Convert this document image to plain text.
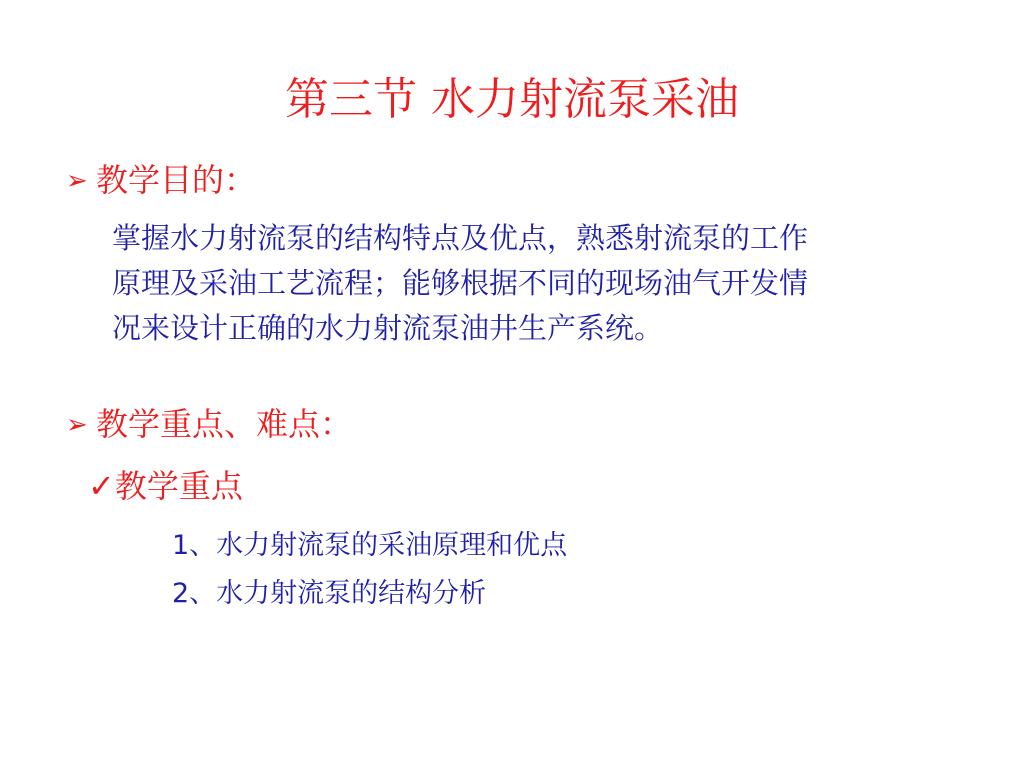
第三节 水力射流泵采油
➢ 教学目的：
掌握水力射流泵的结构特点及优点，熟悉射流泵的工作
原理及采油工艺流程；能够根据不同的现场油气开发情
况来设计正确的水力射流泵油井生产系统。
➢ 教学重点、难点：
✓教学重点
1、水力射流泵的采油原理和优点
2、水力射流泵的结构分析
